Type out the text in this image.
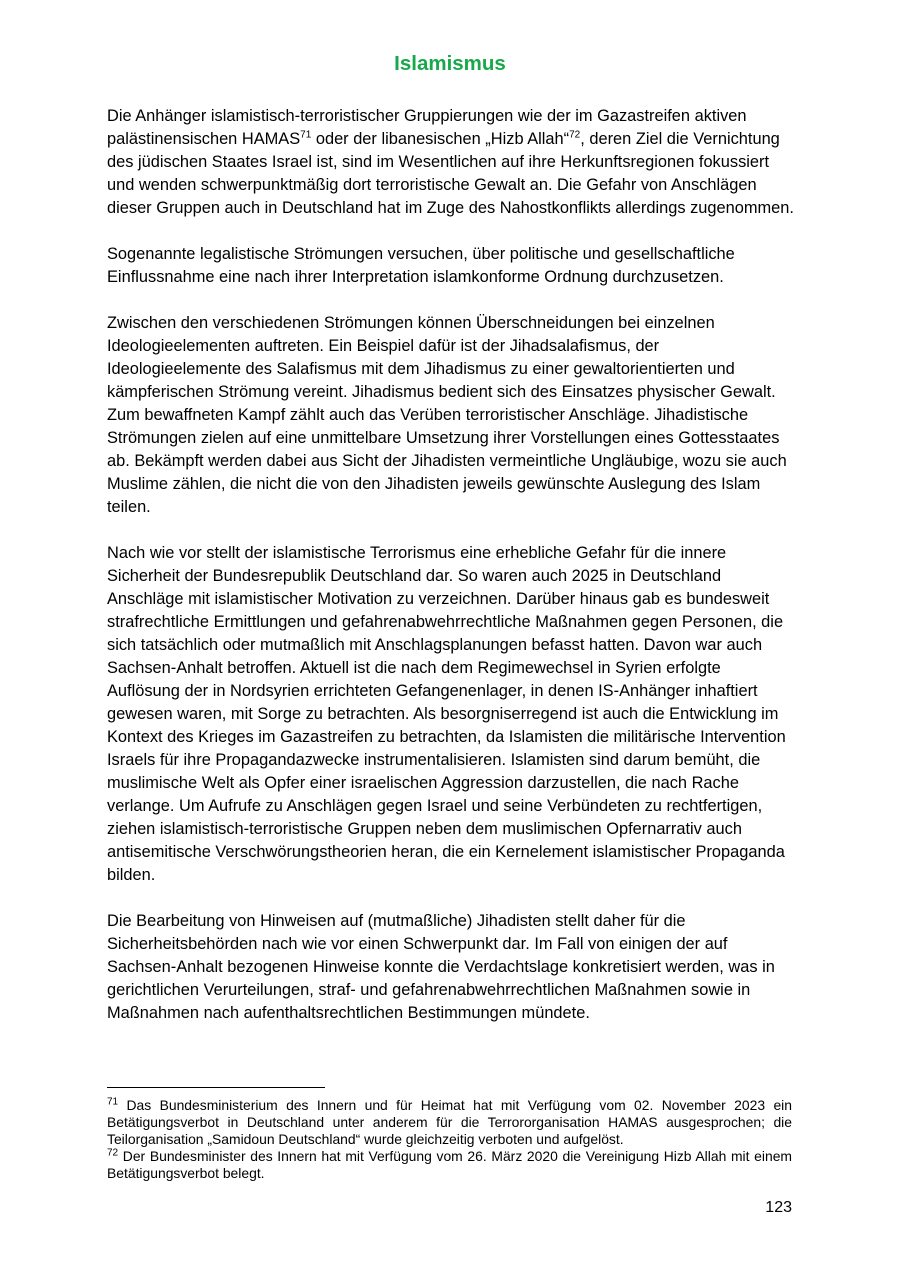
Islamismus

Die Anhänger islamistisch-terroristischer Gruppierungen wie der im Gazastreifen aktiven palästinensischen HAMAS$^{71}$ oder der libanesischen „Hizb Allah“$^{72}$, deren Ziel die Vernichtung des jüdischen Staates Israel ist, sind im Wesentlichen auf ihre Herkunftsregionen fokussiert und wenden schwerpunktmäßig dort terroristische Gewalt an. Die Gefahr von Anschlägen dieser Gruppen auch in Deutschland hat im Zuge des Nahostkonflikts allerdings zugenommen.

Sogenannte legalistische Strömungen versuchen, über politische und gesellschaftliche Einflussnahme eine nach ihrer Interpretation islamkonforme Ordnung durchzusetzen.

Zwischen den verschiedenen Strömungen können Überschneidungen bei einzelnen Ideologieelementen auftreten. Ein Beispiel dafür ist der Jihadsalafismus, der Ideologieelemente des Salafismus mit dem Jihadismus zu einer gewaltorientierten und kämpferischen Strömung vereint. Jihadismus bedient sich des Einsatzes physischer Gewalt. Zum bewaffneten Kampf zählt auch das Verüben terroristischer Anschläge. Jihadistische Strömungen zielen auf eine unmittelbare Umsetzung ihrer Vorstellungen eines Gottesstaates ab. Bekämpft werden dabei aus Sicht der Jihadisten vermeintliche Ungläubige, wozu sie auch Muslime zählen, die nicht die von den Jihadisten jeweils gewünschte Auslegung des Islam teilen.

Nach wie vor stellt der islamistische Terrorismus eine erhebliche Gefahr für die innere Sicherheit der Bundesrepublik Deutschland dar. So waren auch 2025 in Deutschland Anschläge mit islamistischer Motivation zu verzeichnen. Darüber hinaus gab es bundesweit strafrechtliche Ermittlungen und gefahrenabwehrrechtliche Maßnahmen gegen Personen, die sich tatsächlich oder mutmaßlich mit Anschlagsplanungen befasst hatten. Davon war auch Sachsen-Anhalt betroffen. Aktuell ist die nach dem Regimewechsel in Syrien erfolgte Auflösung der in Nordsyrien errichteten Gefangenenlager, in denen IS-Anhänger inhaftiert gewesen waren, mit Sorge zu betrachten. Als besorgniserregend ist auch die Entwicklung im Kontext des Krieges im Gazastreifen zu betrachten, da Islamisten die militärische Intervention Israels für ihre Propagandazwecke instrumentalisieren. Islamisten sind darum bemüht, die muslimische Welt als Opfer einer israelischen Aggression darzustellen, die nach Rache verlange. Um Aufrufe zu Anschlägen gegen Israel und seine Verbündeten zu rechtfertigen, ziehen islamistisch-terroristische Gruppen neben dem muslimischen Opfernarrativ auch antisemitische Verschwörungstheorien heran, die ein Kernelement islamistischer Propaganda bilden.

Die Bearbeitung von Hinweisen auf (mutmaßliche) Jihadisten stellt daher für die Sicherheitsbehörden nach wie vor einen Schwerpunkt dar. Im Fall von einigen der auf Sachsen-Anhalt bezogenen Hinweise konnte die Verdachtslage konkretisiert werden, was in gerichtlichen Verurteilungen, straf- und gefahrenabwehrrechtlichen Maßnahmen sowie in Maßnahmen nach aufenthaltsrechtlichen Bestimmungen mündete.

$^{71}$ Das Bundesministerium des Innern und für Heimat hat mit Verfügung vom 02. November 2023 ein Betätigungsverbot in Deutschland unter anderem für die Terrororganisation HAMAS ausgesprochen; die Teilorganisation „Samidoun Deutschland“ wurde gleichzeitig verboten und aufgelöst.

$^{72}$ Der Bundesminister des Innern hat mit Verfügung vom 26. März 2020 die Vereinigung Hizb Allah mit einem Betätigungsverbot belegt.

123
